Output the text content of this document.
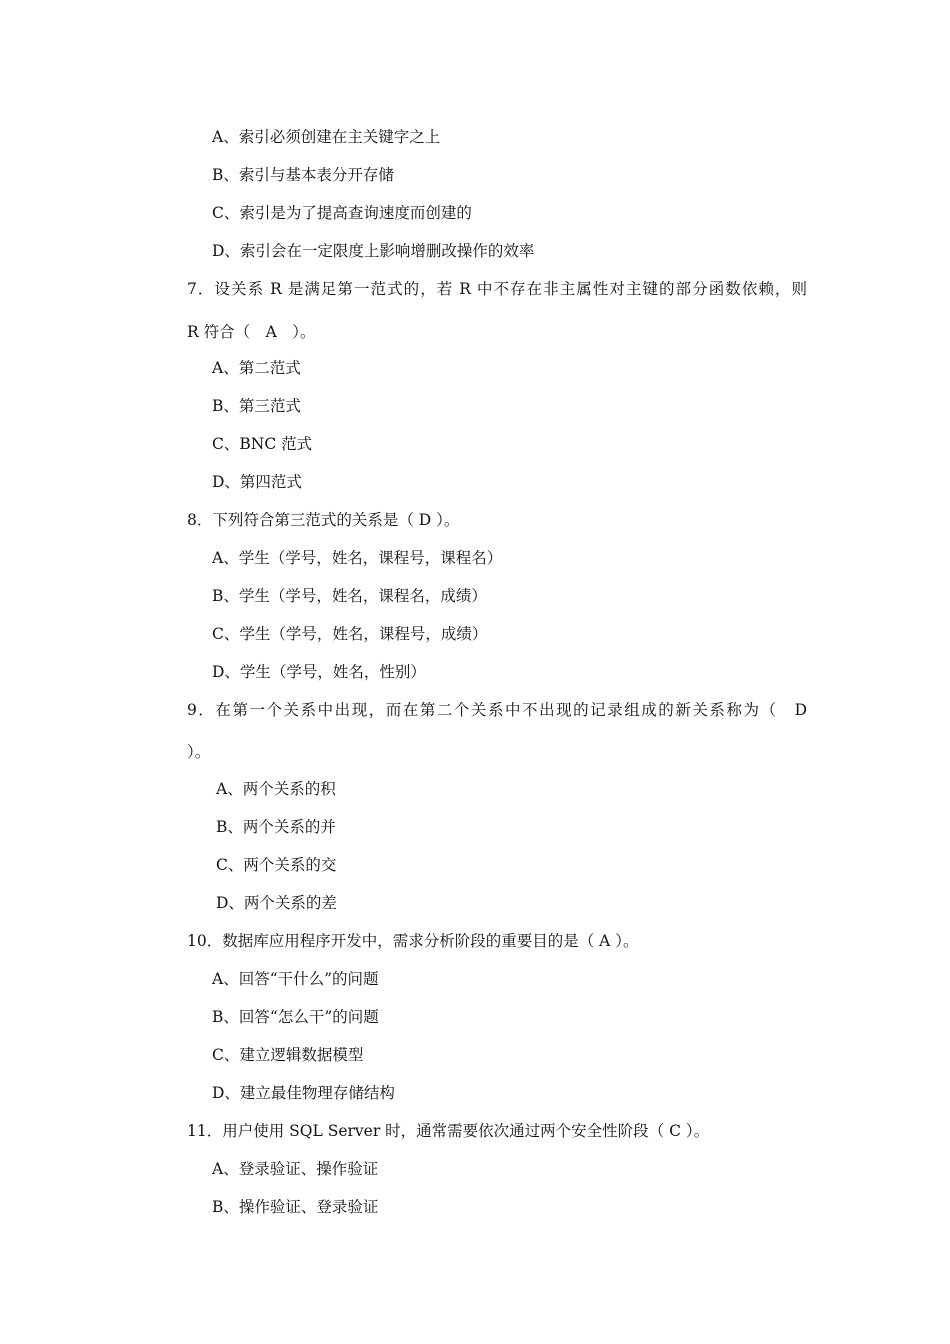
A、索引必须创建在主关键字之上
B、索引与基本表分开存储
C、索引是为了提高查询速度而创建的
D、索引会在一定限度上影响增删改操作的效率
7．设关系 R 是满足第一范式的，若 R 中不存在非主属性对主键的部分函数依赖，则
R 符合（　A　）。
A、第二范式
B、第三范式
C、BNC 范式
D、第四范式
8．下列符合第三范式的关系是（ D ）。
A、学生（学号，姓名，课程号，课程名）
B、学生（学号，姓名，课程名，成绩）
C、学生（学号，姓名，课程号，成绩）
D、学生（学号，姓名，性别）
9．在第一个关系中出现，而在第二个关系中不出现的记录组成的新关系称为（　D
）。
A、两个关系的积
B、两个关系的并
C、两个关系的交
D、两个关系的差
10．数据库应用程序开发中，需求分析阶段的重要目的是（ A ）。
A、回答“干什么”的问题
B、回答“怎么干”的问题
C、建立逻辑数据模型
D、建立最佳物理存储结构
11．用户使用 SQL Server 时，通常需要依次通过两个安全性阶段（ C ）。
A、登录验证、操作验证
B、操作验证、登录验证
